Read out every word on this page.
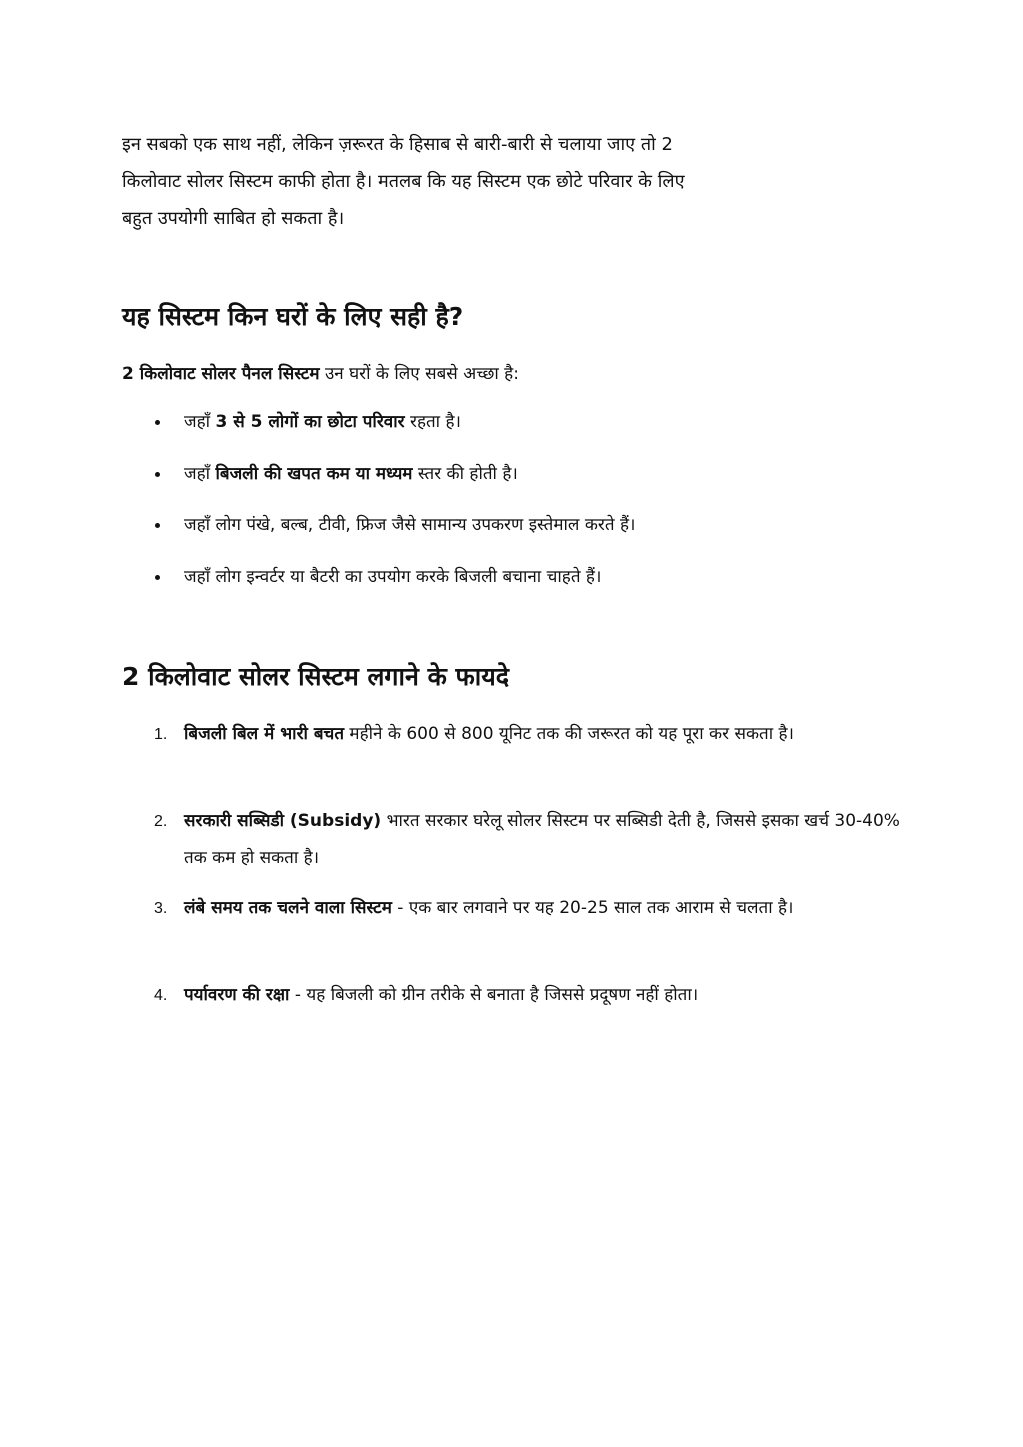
इन सबको एक साथ नहीं, लेकिन ज़रूरत के हिसाब से बारी-बारी से चलाया जाए तो 2
किलोवाट सोलर सिस्टम काफी होता है। मतलब कि यह सिस्टम एक छोटे परिवार के लिए
बहुत उपयोगी साबित हो सकता है।

यह सिस्टम किन घरों के लिए सही है?

2 किलोवाट सोलर पैनल सिस्टम उन घरों के लिए सबसे अच्छा है:

जहाँ 3 से 5 लोगों का छोटा परिवार रहता है।
जहाँ बिजली की खपत कम या मध्यम स्तर की होती है।
जहाँ लोग पंखे, बल्ब, टीवी, फ्रिज जैसे सामान्य उपकरण इस्तेमाल करते हैं।
जहाँ लोग इन्वर्टर या बैटरी का उपयोग करके बिजली बचाना चाहते हैं।
2 किलोवाट सोलर सिस्टम लगाने के फायदे
1. बिजली बिल में भारी बचत महीने के 600 से 800 यूनिट तक की जरूरत को यह पूरा कर सकता है।
2. सरकारी सब्सिडी (Subsidy) भारत सरकार घरेलू सोलर सिस्टम पर सब्सिडी देती है, जिससे इसका खर्च 30-40% तक कम हो सकता है।
3. लंबे समय तक चलने वाला सिस्टम - एक बार लगवाने पर यह 20-25 साल तक आराम से चलता है।
4. पर्यावरण की रक्षा - यह बिजली को ग्रीन तरीके से बनाता है जिससे प्रदूषण नहीं होता।
